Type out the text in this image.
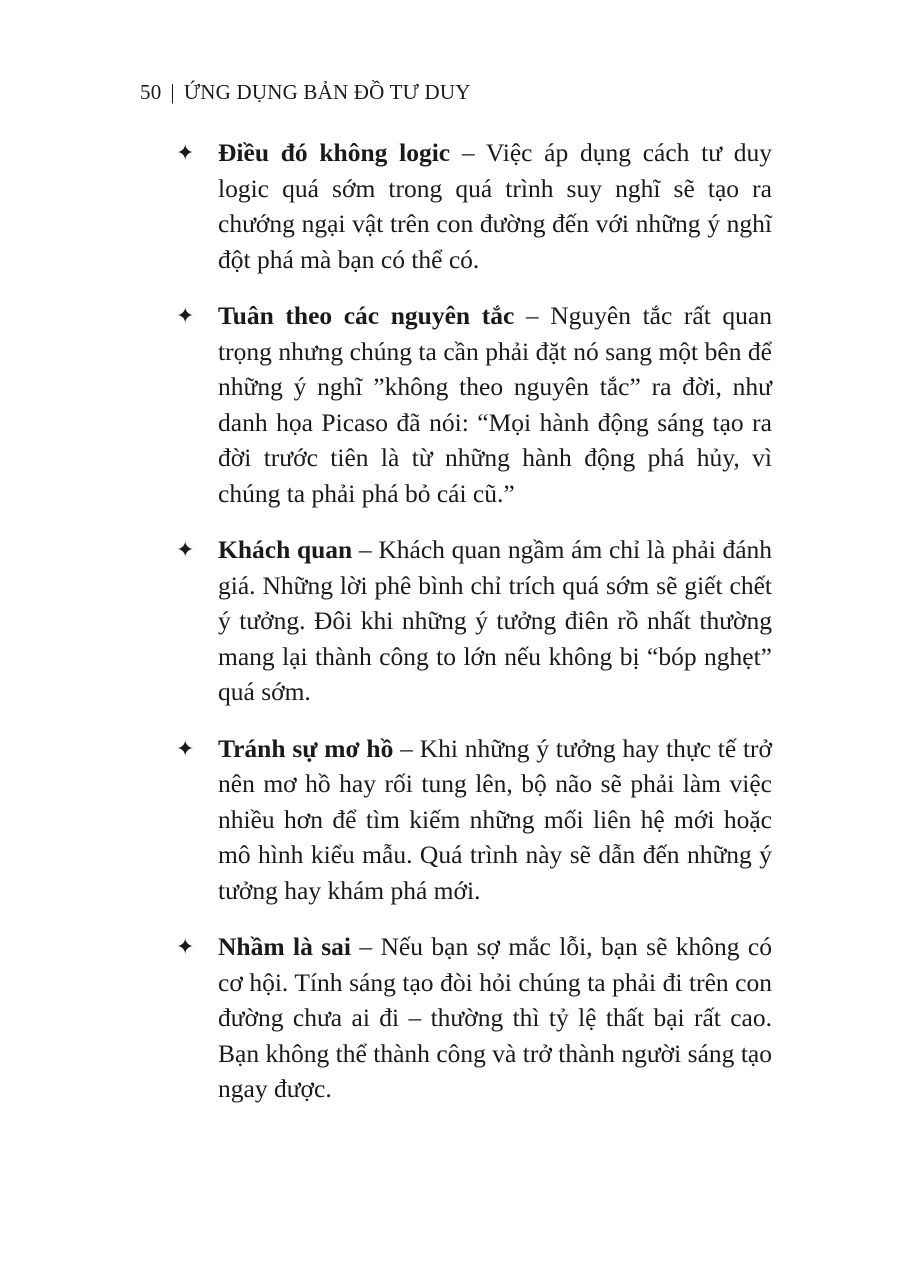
50 | ỨNG DỤNG BẢN ĐỒ TƯ DUY
✦ Điều đó không logic – Việc áp dụng cách tư duy logic quá sớm trong quá trình suy nghĩ sẽ tạo ra chướng ngại vật trên con đường đến với những ý nghĩ đột phá mà bạn có thể có.
✦ Tuân theo các nguyên tắc – Nguyên tắc rất quan trọng nhưng chúng ta cần phải đặt nó sang một bên để những ý nghĩ ”không theo nguyên tắc” ra đời, như danh họa Picaso đã nói: “Mọi hành động sáng tạo ra đời trước tiên là từ những hành động phá hủy, vì chúng ta phải phá bỏ cái cũ.”
✦ Khách quan – Khách quan ngầm ám chỉ là phải đánh giá. Những lời phê bình chỉ trích quá sớm sẽ giết chết ý tưởng. Đôi khi những ý tưởng điên rồ nhất thường mang lại thành công to lớn nếu không bị “bóp nghẹt” quá sớm.
✦ Tránh sự mơ hồ – Khi những ý tưởng hay thực tế trở nên mơ hồ hay rối tung lên, bộ não sẽ phải làm việc nhiều hơn để tìm kiếm những mối liên hệ mới hoặc mô hình kiểu mẫu. Quá trình này sẽ dẫn đến những ý tưởng hay khám phá mới.
✦ Nhầm là sai – Nếu bạn sợ mắc lỗi, bạn sẽ không có cơ hội. Tính sáng tạo đòi hỏi chúng ta phải đi trên con đường chưa ai đi – thường thì tỷ lệ thất bại rất cao. Bạn không thể thành công và trở thành người sáng tạo ngay được.
